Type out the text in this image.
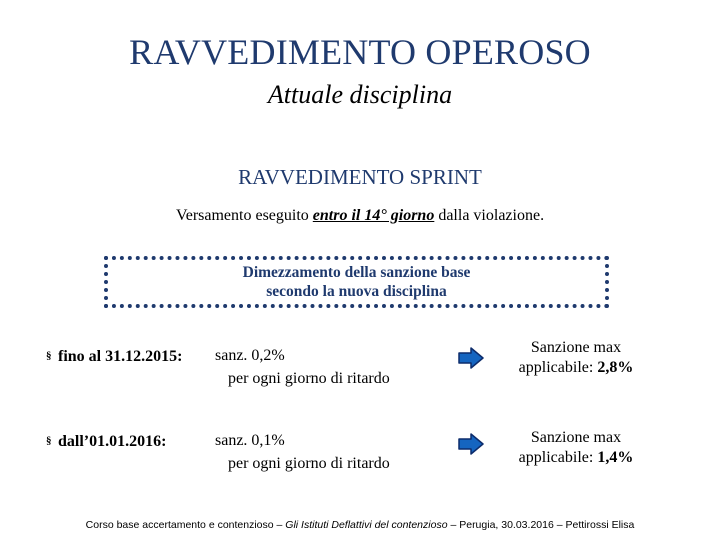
RAVVEDIMENTO OPEROSO
Attuale disciplina
RAVVEDIMENTO SPRINT
Versamento eseguito entro il 14° giorno dalla violazione.
Dimezzamento della sanzione base
secondo la nuova disciplina
§ fino al 31.12.2015: sanz. 0,2%
per ogni giorno di ritardo
Sanzione max
applicabile: 2,8%
§ dall’01.01.2016:	sanz. 0,1%
per ogni giorno di ritardo
Sanzione max
applicabile: 1,4%
Corso base accertamento e contenzioso – Gli Istituti Deflattivi del contenzioso – Perugia, 30.03.2016 – Pettirossi Elisa
